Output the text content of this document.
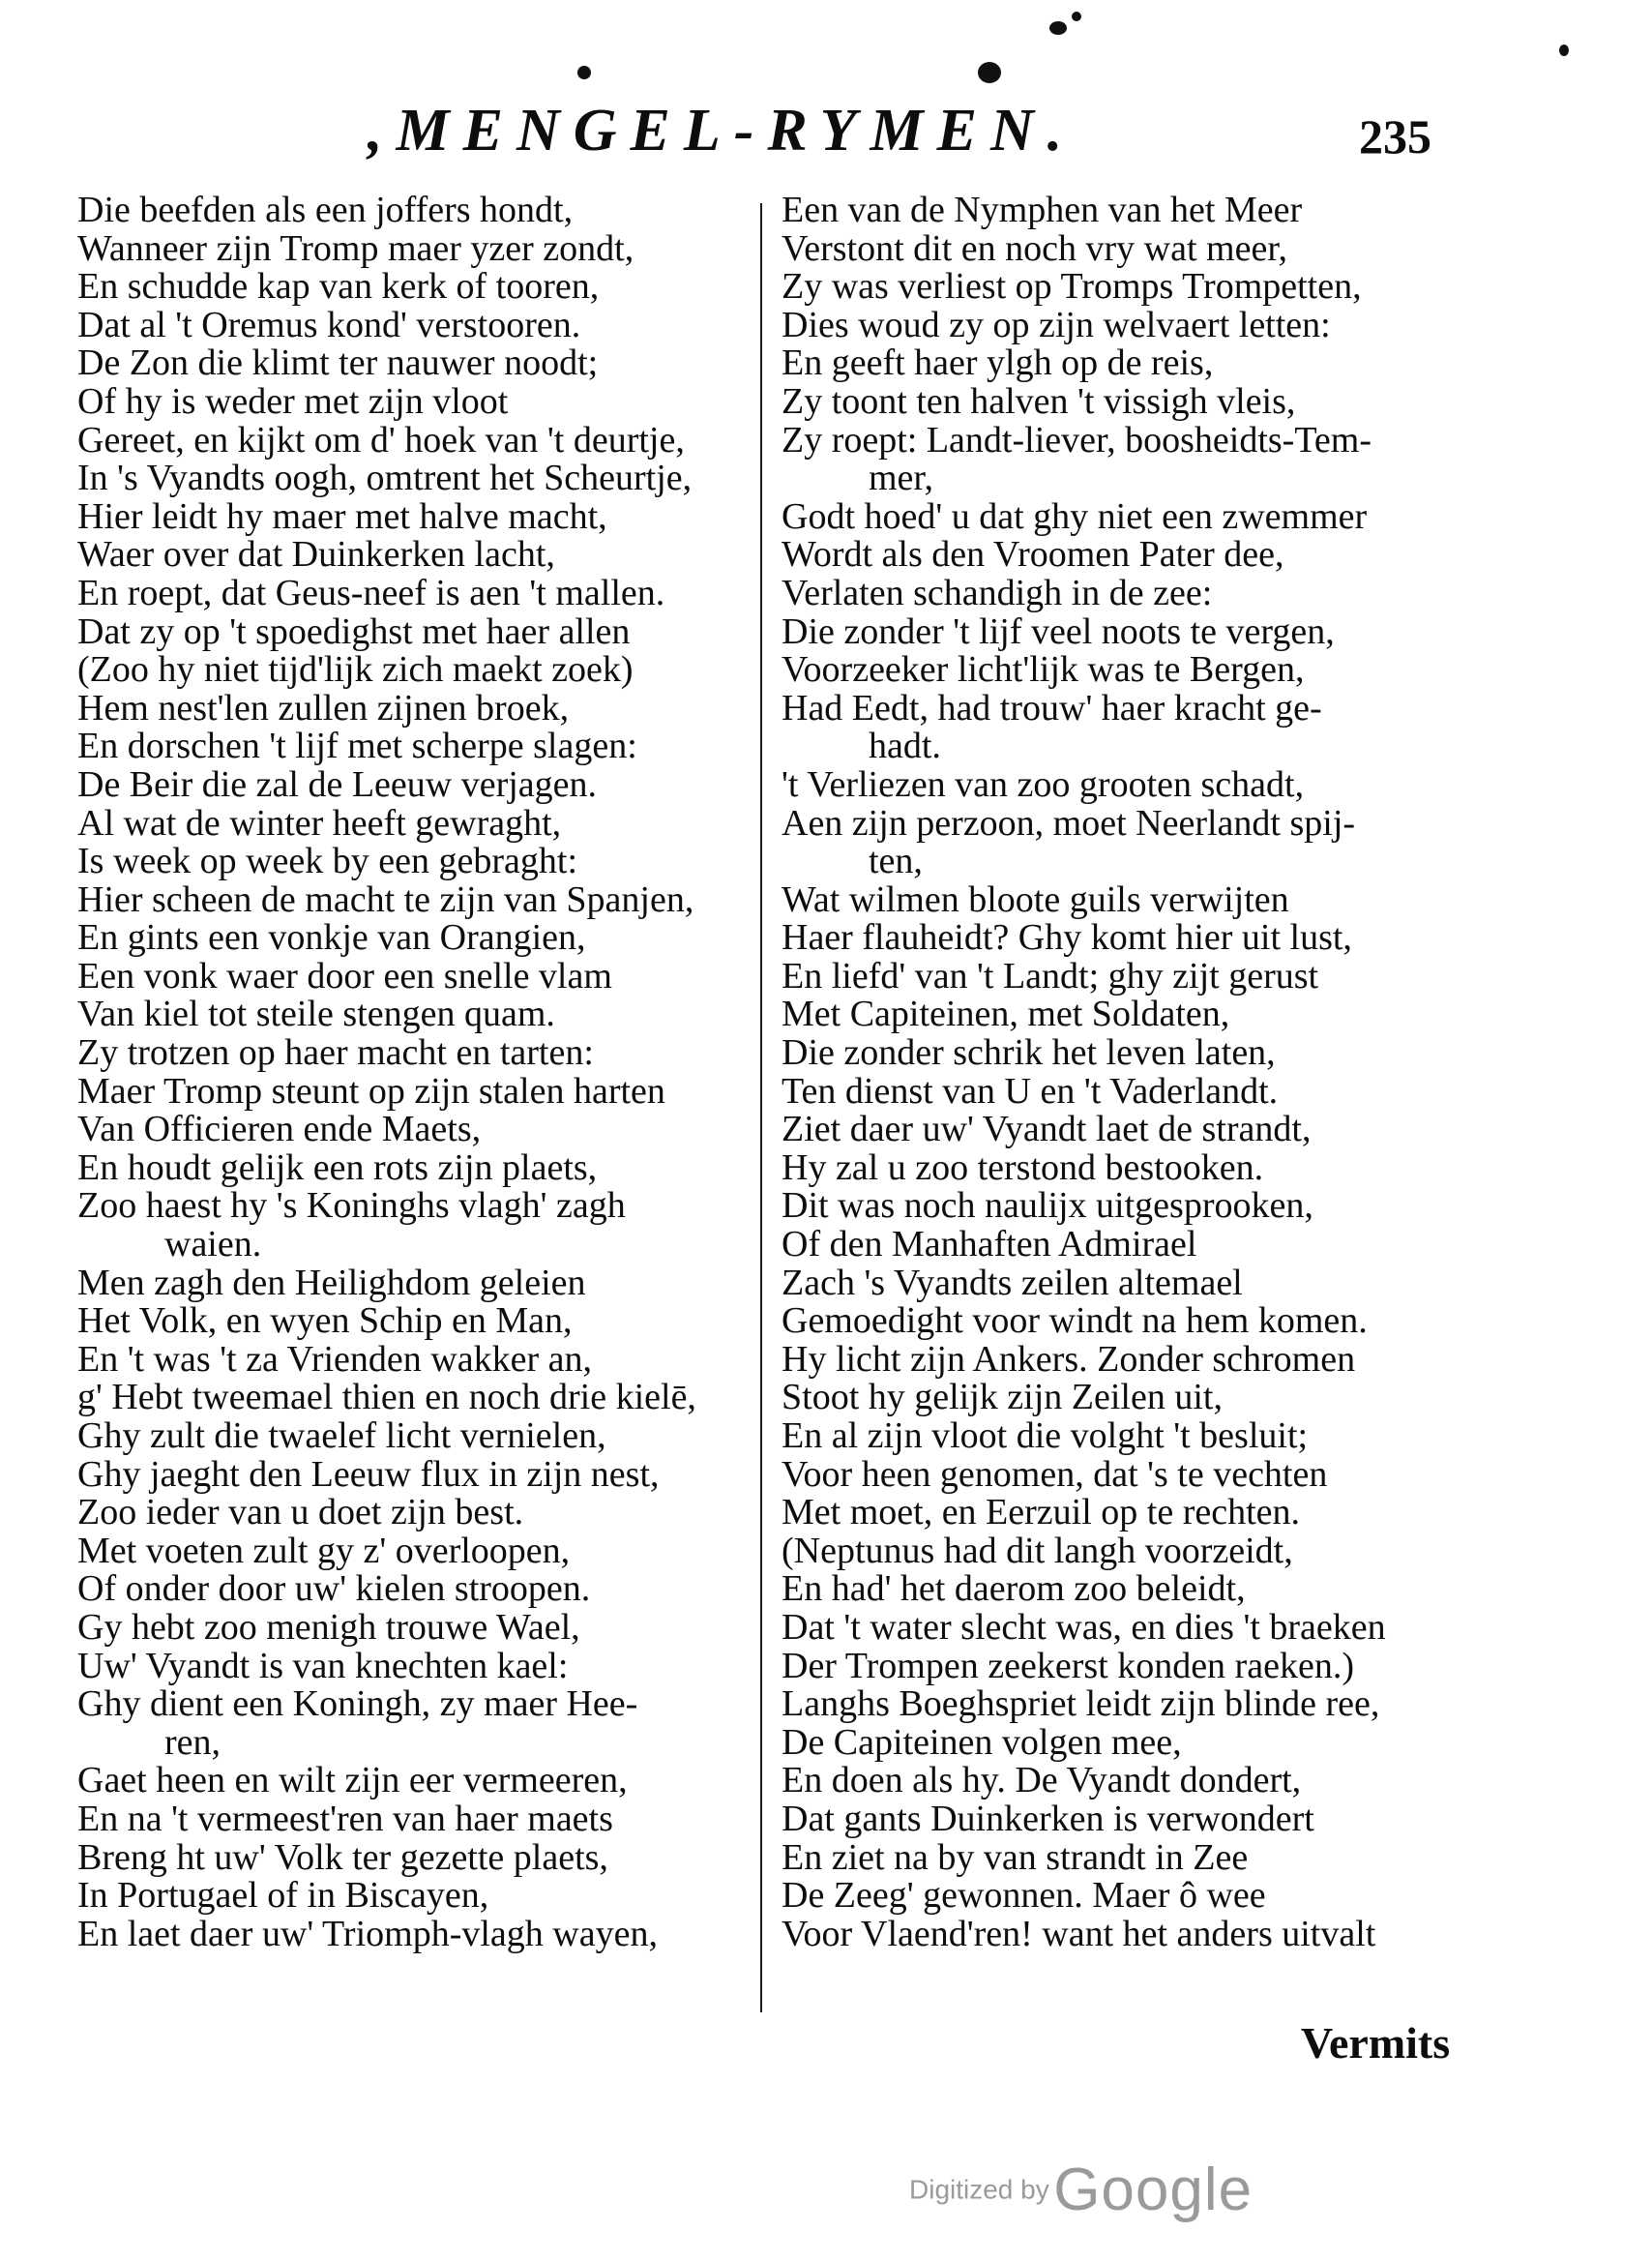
,MENGEL-RYMEN.	235
Die beefden als een joffers hondt,
Wanneer zijn Tromp maer yzer zondt,
En schudde kap van kerk of tooren,
Dat al 't Oremus kond' verstooren.
De Zon die klimt ter nauwer noodt;
Of hy is weder met zijn vloot
Gereet, en kijkt om d' hoek van 't deurtje,
In 's Vyandts oogh, omtrent het Scheurtje,
Hier leidt hy maer met halve macht,
Waer over dat Duinkerken lacht,
En roept, dat Geus-neef is aen 't mallen.
Dat zy op 't spoedighst met haer allen
(Zoo hy niet tijd'lijk zich maekt zoek)
Hem nest'len zullen zijnen broek,
En dorschen 't lijf met scherpe slagen:
De Beir die zal de Leeuw verjagen.
Al wat de winter heeft gewraght,
Is week op week by een gebraght:
Hier scheen de macht te zijn van Spanjen,
En gints een vonkje van Orangien,
Een vonk waer door een snelle vlam
Van kiel tot steile stengen quam.
Zy trotzen op haer macht en tarten:
Maer Tromp steunt op zijn stalen harten
Van Officieren ende Maets,
En houdt gelijk een rots zijn plaets,
Zoo haest hy 's Koninghs vlagh' zagh
waien.
Men zagh den Heilighdom geleien
Het Volk, en wyen Schip en Man,
En 't was 't za Vrienden wakker an,
g' Hebt tweemael thien en noch drie kielē,
Ghy zult die twaelef licht vernielen,
Ghy jaeght den Leeuw flux in zijn nest,
Zoo ieder van u doet zijn best.
Met voeten zult gy z' overloopen,
Of onder door uw' kielen stroopen.
Gy hebt zoo menigh trouwe Wael,
Uw' Vyandt is van knechten kael:
Ghy dient een Koningh, zy maer Hee-
ren,
Gaet heen en wilt zijn eer vermeeren,
En na 't vermeest'ren van haer maets
Breng ht uw' Volk ter gezette plaets,
In Portugael of in Biscayen,
En laet daer uw' Triomph-vlagh wayen,
Een van de Nymphen van het Meer
Verstont dit en noch vry wat meer,
Zy was verliest op Tromps Trompetten,
Dies woud zy op zijn welvaert letten:
En geeft haer ylgh op de reis,
Zy toont ten halven 't vissigh vleis,
Zy roept: Landt-liever, boosheidts-Tem-
mer,
Godt hoed' u dat ghy niet een zwemmer
Wordt als den Vroomen Pater dee,
Verlaten schandigh in de zee:
Die zonder 't lijf veel noots te vergen,
Voorzeeker licht'lijk was te Bergen,
Had Eedt, had trouw' haer kracht ge-
hadt.
't Verliezen van zoo grooten schadt,
Aen zijn perzoon, moet Neerlandt spij-
ten,
Wat wilmen bloote guils verwijten
Haer flauheidt? Ghy komt hier uit lust,
En liefd' van 't Landt; ghy zijt gerust
Met Capiteinen, met Soldaten,
Die zonder schrik het leven laten,
Ten dienst van U en 't Vaderlandt.
Ziet daer uw' Vyandt laet de strandt,
Hy zal u zoo terstond bestooken.
Dit was noch naulijx uitgesprooken,
Of den Manhaften Admirael
Zach 's Vyandts zeilen altemael
Gemoedight voor windt na hem komen.
Hy licht zijn Ankers. Zonder schromen
Stoot hy gelijk zijn Zeilen uit,
En al zijn vloot die volght 't besluit;
Voor heen genomen, dat 's te vechten
Met moet, en Eerzuil op te rechten.
(Neptunus had dit langh voorzeidt,
En had' het daerom zoo beleidt,
Dat 't water slecht was, en dies 't braeken
Der Trompen zeekerst konden raeken.)
Langhs Boeghspriet leidt zijn blinde ree,
De Capiteinen volgen mee,
En doen als hy. De Vyandt dondert,
Dat gants Duinkerken is verwondert
En ziet na by van strandt in Zee
De Zeeg' gewonnen. Maer ô wee
Voor Vlaend'ren! want het anders uitvalt
Vermits
Digitized by Google
